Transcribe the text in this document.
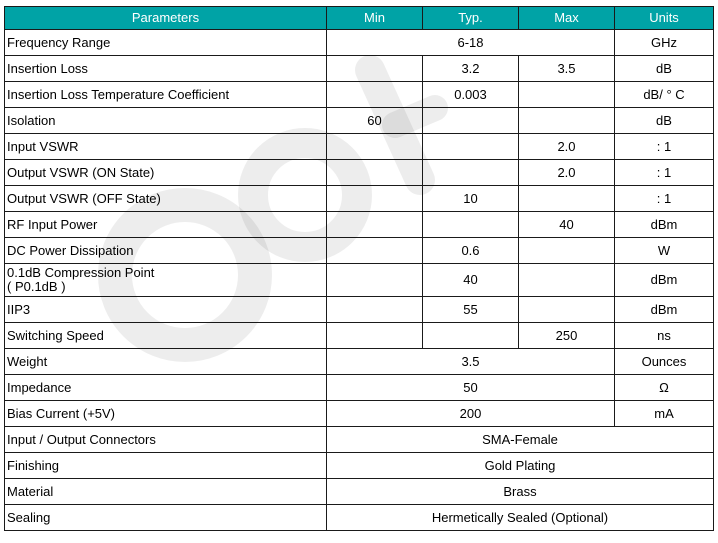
Parameters	Min	Typ.	Max	Units
Frequency Range	6-18			GHz
Insertion Loss		3.2	3.5	dB
Insertion Loss Temperature Coefficient		0.003		dB/ ° C
Isolation	60			dB
Input VSWR			2.0	: 1
Output VSWR (ON State)			2.0	: 1
Output VSWR (OFF State)		10		: 1
RF Input Power			40	dBm
DC Power Dissipation		0.6		W
0.1dB Compression Point
( P0.1dB )		40		dBm
IIP3		55		dBm
Switching Speed			250	ns
Weight	3.5			Ounces
Impedance	50			Ω
Bias Current (+5V)	200			mA
Input / Output Connectors	SMA-Female			
Finishing	Gold Plating			
Material	Brass			
Sealing	Hermetically Sealed (Optional)			
